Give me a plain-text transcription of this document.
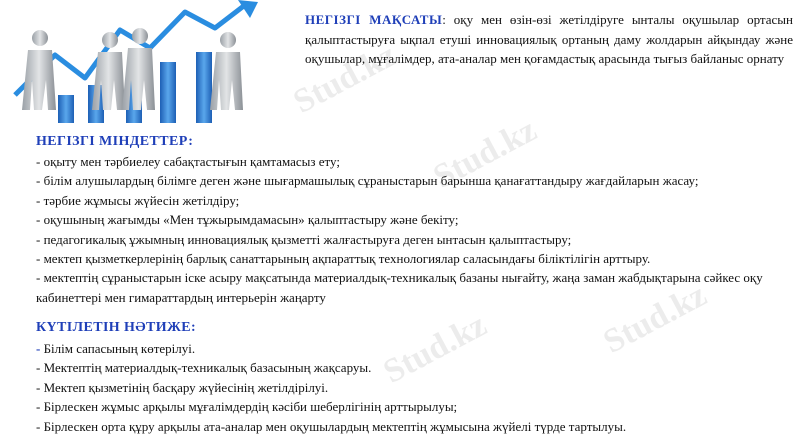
Stud.kz
Stud.kz
Stud.kz	Stud.kz
НЕГІЗГІ МАҚСАТЫ: оқу мен өзін-өзі жетілдіруге ынталы оқушылар ортасын қалыптастыруға ықпал етуші инновациялық ортаның даму жолдарын айқындау және оқушылар, мұғалімдер, ата-аналар мен қоғамдастық арасында тығыз байланыс орнату
НЕГІЗГІ МІНДЕТТЕР:
- оқыту мен тәрбиелеу сабақтастығын қамтамасыз ету;
- білім алушылардың білімге деген және шығармашылық сұраныстарын барынша қанағаттандыру жағдайларын жасау;
- тәрбие жұмысы жүйесін жетілдіру;
- оқушының жағымды «Мен тұжырымдамасын» қалыптастыру және бекіту;
- педагогикалық ұжымның инновациялық қызметті жалғастыруға деген ынтасын қалыптастыру;
- мектеп қызметкерлерінің барлық санаттарының ақпараттық технологиялар саласындағы біліктілігін арттыру.
- мектептің сұраныстарын іске асыру мақсатында материалдық-техникалық базаны нығайту, жаңа заман жабдықтарына сәйкес оқу кабинеттері мен гимараттардың интерьерін жаңарту
КҮТІЛЕТІН НӘТИЖЕ:
- Білім сапасының көтерілуі.
- Мектептің материалдық-техникалық базасының жақсаруы.
- Мектеп қызметінің басқару жүйесінің жетілдірілуі.
- Бірлескен жұмыс арқылы мұғалімдердің кәсіби шеберлігінің арттырылуы;
- Бірлескен орта құру арқылы ата-аналар мен оқушылардың мектептің жұмысына жүйелі түрде тартылуы.
